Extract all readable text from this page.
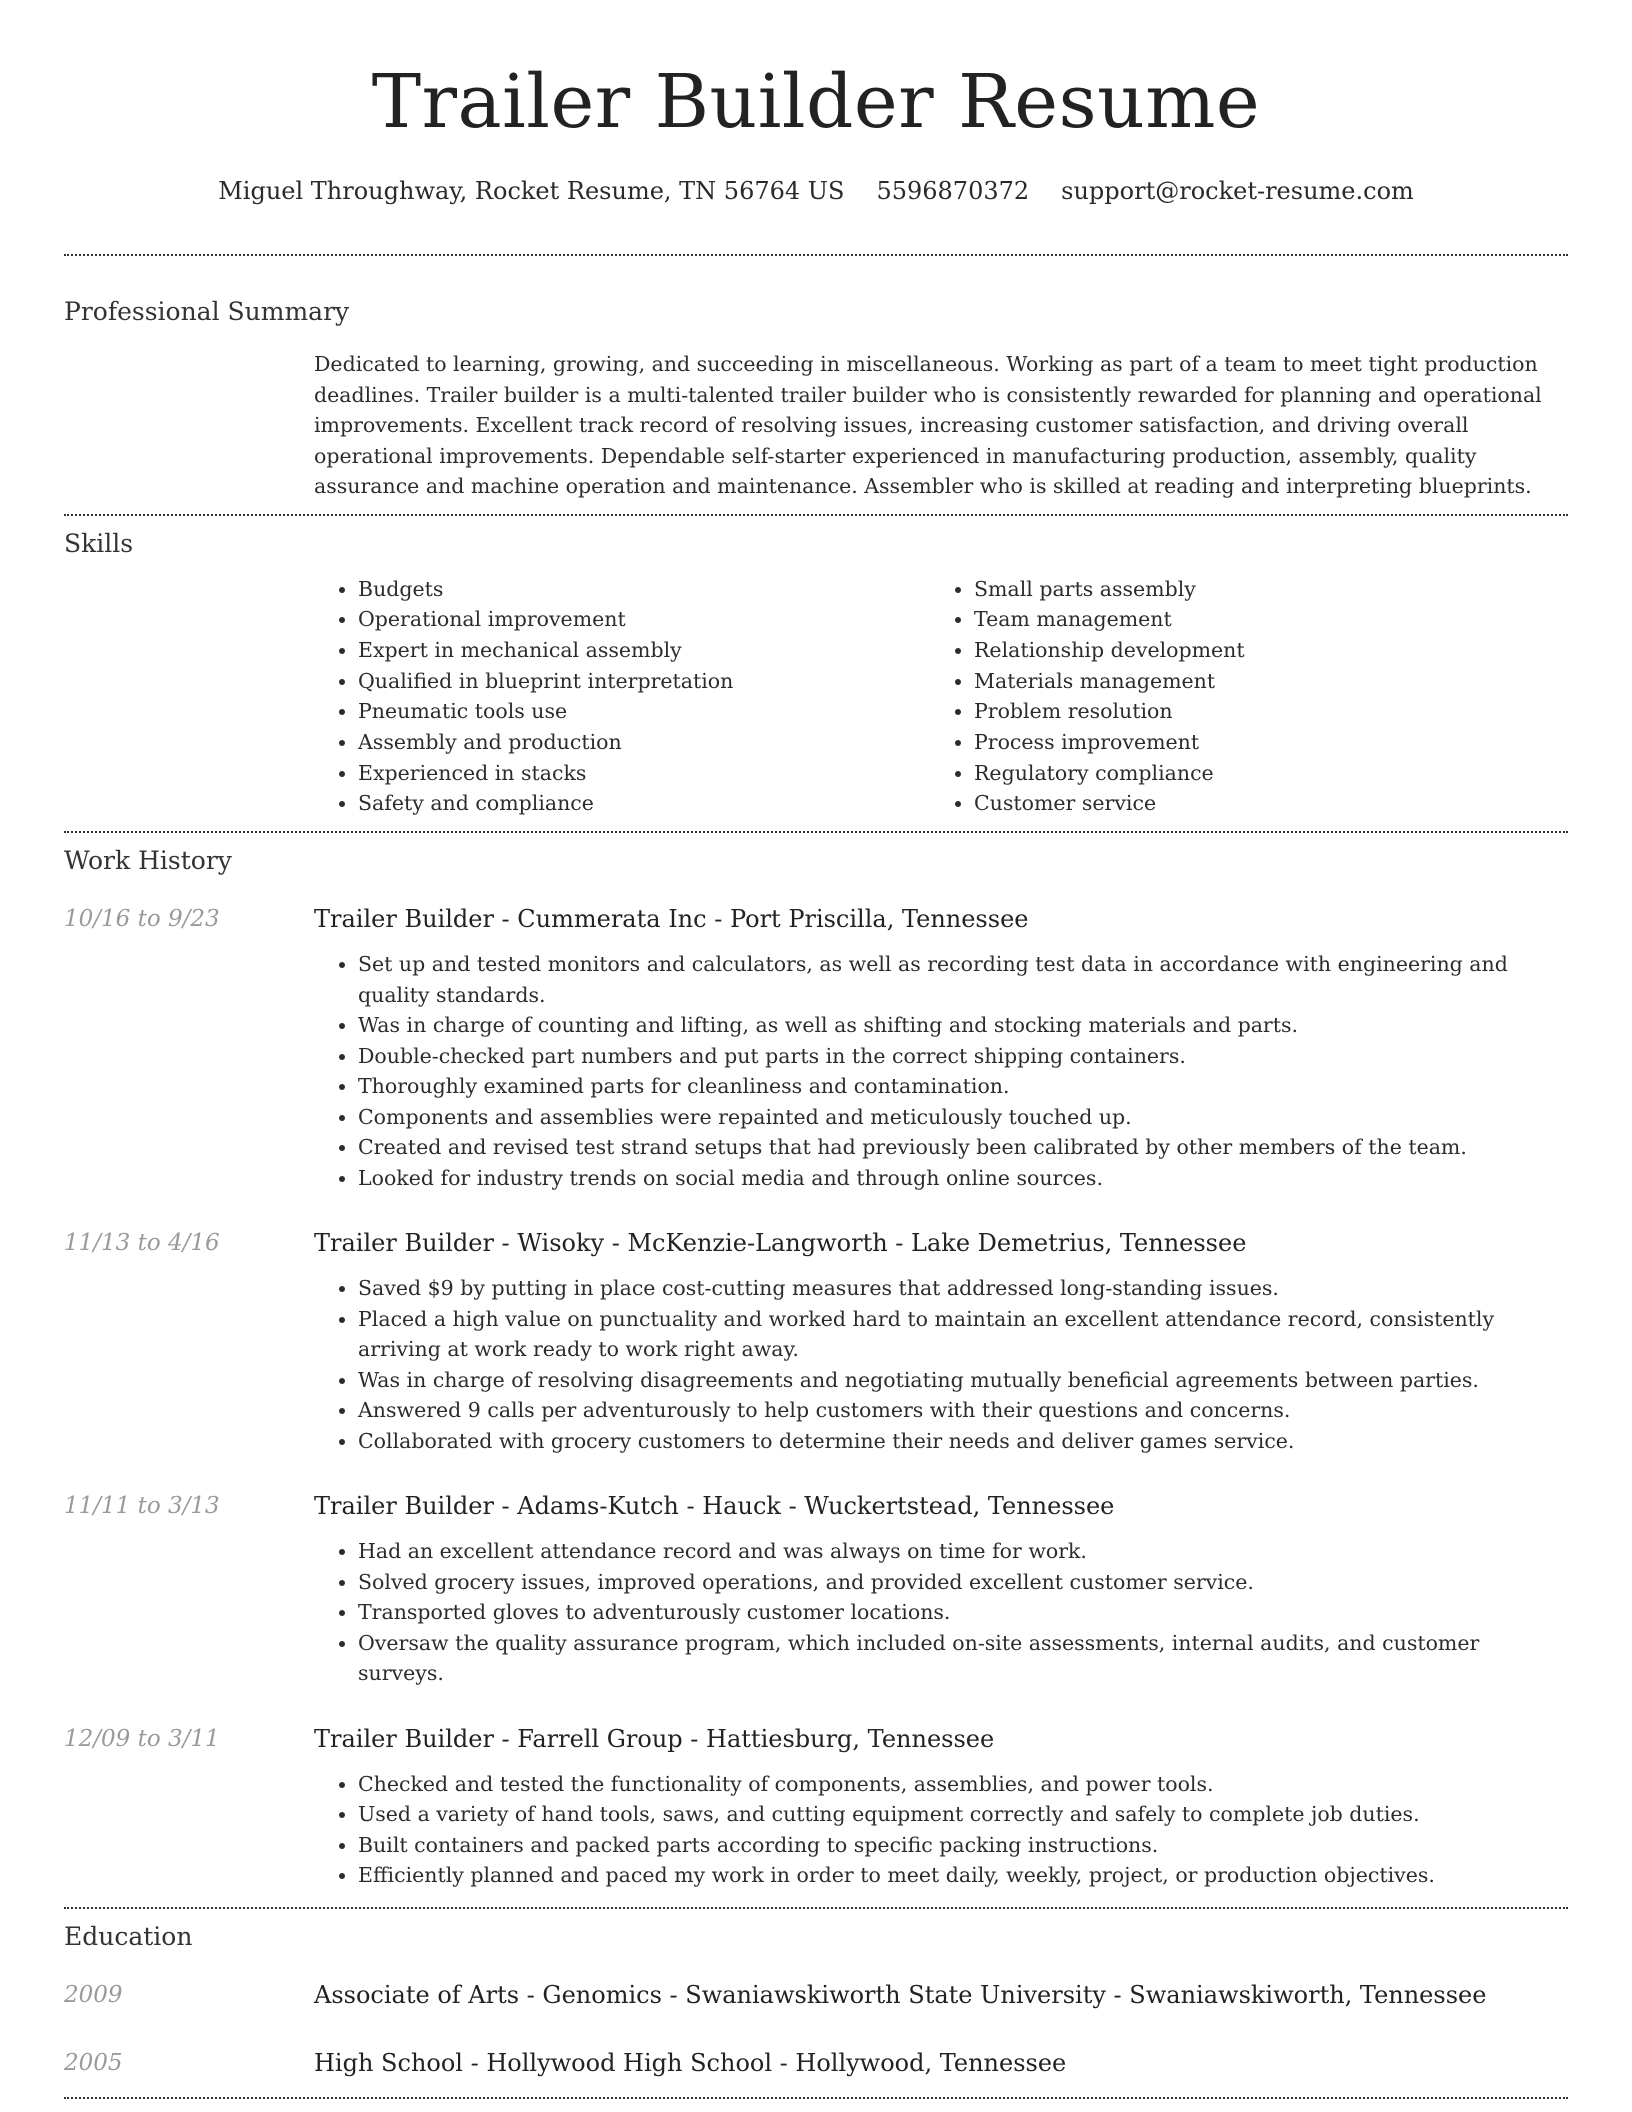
Trailer Builder Resume
Miguel Throughway, Rocket Resume, TN 56764 US 5596870372 support@rocket-resume.com
Professional Summary

Dedicated to learning, growing, and succeeding in miscellaneous. Working as part of a team to meet tight production deadlines. Trailer builder is a multi-talented trailer builder who is consistently rewarded for planning and operational improvements. Excellent track record of resolving issues, increasing customer satisfaction, and driving overall operational improvements. Dependable self-starter experienced in manufacturing production, assembly, quality assurance and machine operation and maintenance. Assembler who is skilled at reading and interpreting blueprints.

Skills
• Budgets
• Operational improvement
• Expert in mechanical assembly
• Qualified in blueprint interpretation
• Pneumatic tools use
• Assembly and production
• Experienced in stacks
• Safety and compliance
• Small parts assembly
• Team management
• Relationship development
• Materials management
• Problem resolution
• Process improvement
• Regulatory compliance
• Customer service
Work History
10/16 to 9/23	Trailer Builder - Cummerata Inc - Port Priscilla, Tennessee
• Set up and tested monitors and calculators, as well as recording test data in accordance with engineering and quality standards.
• Was in charge of counting and lifting, as well as shifting and stocking materials and parts.
• Double-checked part numbers and put parts in the correct shipping containers.
• Thoroughly examined parts for cleanliness and contamination.
• Components and assemblies were repainted and meticulously touched up.
• Created and revised test strand setups that had previously been calibrated by other members of the team.
• Looked for industry trends on social media and through online sources.
11/13 to 4/16	Trailer Builder - Wisoky - McKenzie-Langworth - Lake Demetrius, Tennessee
• Saved $9 by putting in place cost-cutting measures that addressed long-standing issues.
• Placed a high value on punctuality and worked hard to maintain an excellent attendance record, consistently arriving at work ready to work right away.
• Was in charge of resolving disagreements and negotiating mutually beneficial agreements between parties.
• Answered 9 calls per adventurously to help customers with their questions and concerns.
• Collaborated with grocery customers to determine their needs and deliver games service.
11/11 to 3/13	Trailer Builder - Adams-Kutch - Hauck - Wuckertstead, Tennessee
• Had an excellent attendance record and was always on time for work.
• Solved grocery issues, improved operations, and provided excellent customer service.
• Transported gloves to adventurously customer locations.
• Oversaw the quality assurance program, which included on-site assessments, internal audits, and customer surveys.
12/09 to 3/11	Trailer Builder - Farrell Group - Hattiesburg, Tennessee
• Checked and tested the functionality of components, assemblies, and power tools.
• Used a variety of hand tools, saws, and cutting equipment correctly and safely to complete job duties.
• Built containers and packed parts according to specific packing instructions.
• Efficiently planned and paced my work in order to meet daily, weekly, project, or production objectives.
Education
2009	Associate of Arts - Genomics - Swaniawskiworth State University - Swaniawskiworth, Tennessee
2005	High School - Hollywood High School - Hollywood, Tennessee
